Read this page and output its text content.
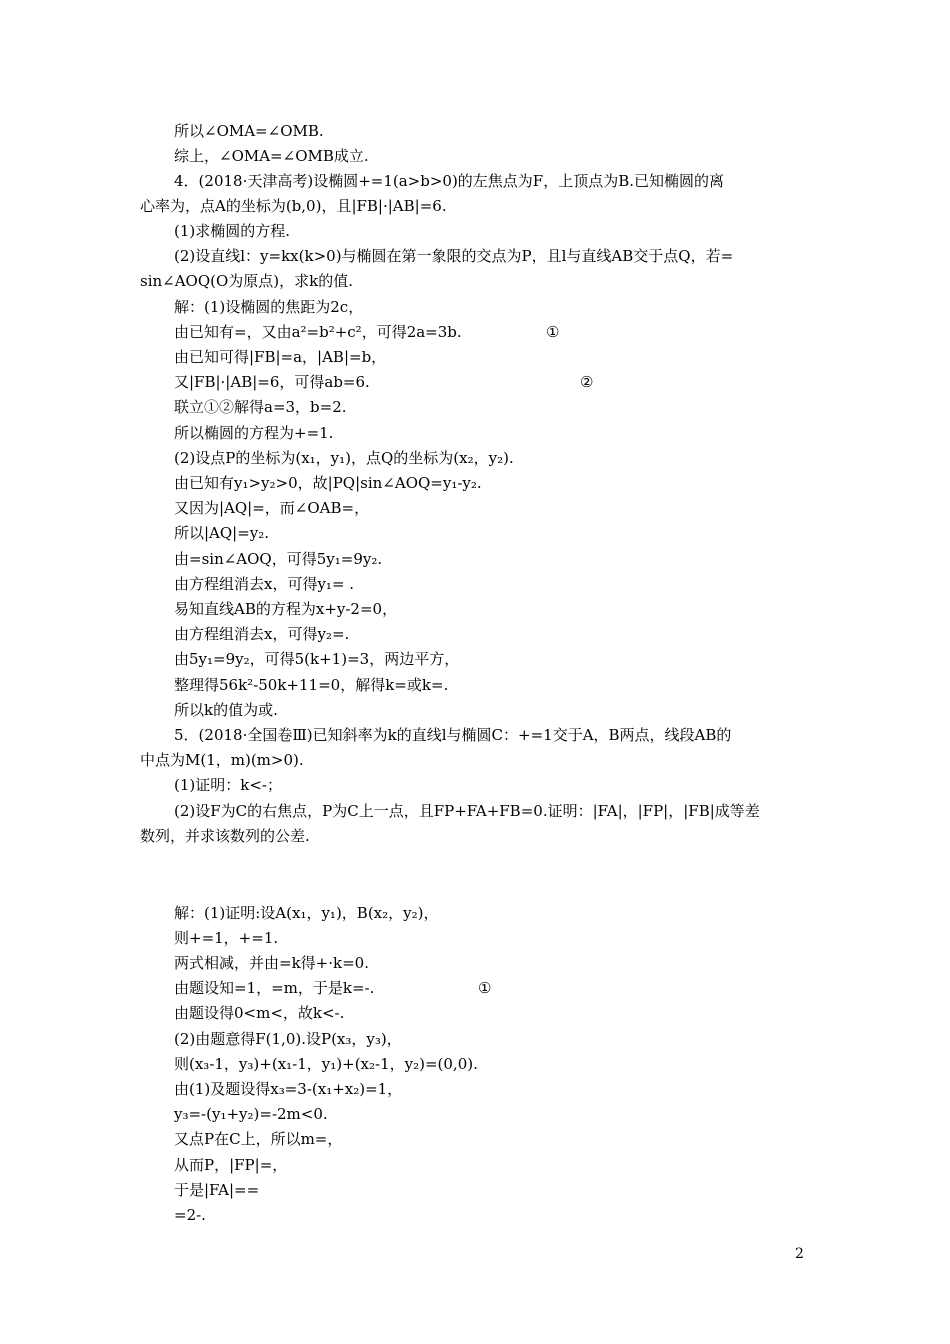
所以∠OMA=∠OMB.
综上，∠OMA=∠OMB成立.
4．(2018·天津高考)设椭圆+=1(a>b>0)的左焦点为F，上顶点为B.已知椭圆的离
心率为，点A的坐标为(b,0)，且|FB|·|AB|=6.
(1)求椭圆的方程.
(2)设直线l：y=kx(k>0)与椭圆在第一象限的交点为P，且l与直线AB交于点Q，若=
sin∠AOQ(O为原点)，求k的值.
解：(1)设椭圆的焦距为2c，
由已知有=，又由a²=b²+c²，可得2a=3b.	①
由已知可得|FB|=a，|AB|=b，
又|FB|·|AB|=6，可得ab=6.	②
联立①②解得a=3，b=2.
所以椭圆的方程为+=1.
(2)设点P的坐标为(x₁，y₁)，点Q的坐标为(x₂，y₂).
由已知有y₁>y₂>0，故|PQ|sin∠AOQ=y₁-y₂.
又因为|AQ|=，而∠OAB=，
所以|AQ|=y₂.
由=sin∠AOQ，可得5y₁=9y₂.
由方程组消去x，可得y₁= .
易知直线AB的方程为x+y-2=0，
由方程组消去x，可得y₂=.
由5y₁=9y₂，可得5(k+1)=3，两边平方，
整理得56k²-50k+11=0，解得k=或k=.
所以k的值为或.
5．(2018·全国卷Ⅲ)已知斜率为k的直线l与椭圆C：+=1交于A，B两点，线段AB的
中点为M(1，m)(m>0).
(1)证明：k<-；
(2)设F为C的右焦点，P为C上一点，且FP+FA+FB=0.证明：|FA|，|FP|，|FB|成等差
数列，并求该数列的公差.
解：(1)证明:设A(x₁，y₁)，B(x₂，y₂)，
则+=1，+=1.
两式相减，并由=k得+·k=0.
由题设知=1，=m，于是k=-.	①
由题设得0<m<，故k<-.
(2)由题意得F(1,0).设P(x₃，y₃)，
则(x₃-1，y₃)+(x₁-1，y₁)+(x₂-1，y₂)=(0,0).
由(1)及题设得x₃=3-(x₁+x₂)=1，
y₃=-(y₁+y₂)=-2m<0.
又点P在C上，所以m=，
从而P，|FP|=，
于是|FA|==
=2-.
2
